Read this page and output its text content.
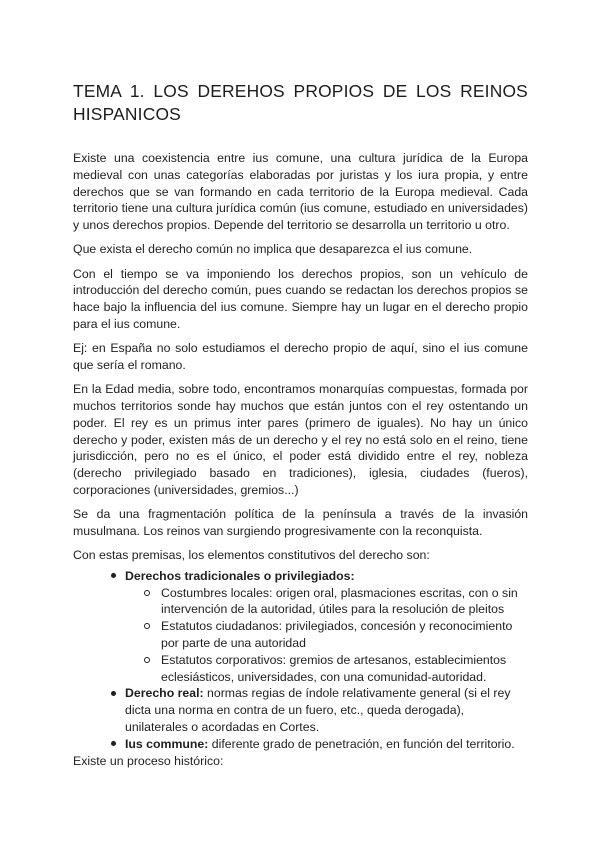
TEMA 1. LOS DEREHOS PROPIOS DE LOS REINOS HISPANICOS

Existe una coexistencia entre ius comune, una cultura jurídica de la Europa medieval con unas categorías elaboradas por juristas y los iura propia, y entre derechos que se van formando en cada territorio de la Europa medieval. Cada territorio tiene una cultura jurídica común (ius comune, estudiado en universidades) y unos derechos propios. Depende del territorio se desarrolla un territorio u otro.

Que exista el derecho común no implica que desaparezca el ius comune.

Con el tiempo se va imponiendo los derechos propios, son un vehículo de introducción del derecho común, pues cuando se redactan los derechos propios se hace bajo la influencia del ius comune. Siempre hay un lugar en el derecho propio para el ius comune.

Ej: en España no solo estudiamos el derecho propio de aquí, sino el ius comune que sería el romano.

En la Edad media, sobre todo, encontramos monarquías compuestas, formada por muchos territorios sonde hay muchos que están juntos con el rey ostentando un poder. El rey es un primus inter pares (primero de iguales). No hay un único derecho y poder, existen más de un derecho y el rey no está solo en el reino, tiene jurisdicción, pero no es el único, el poder está dividido entre el rey, nobleza (derecho privilegiado basado en tradiciones), iglesia, ciudades (fueros), corporaciones (universidades, gremios...)

Se da una fragmentación política de la península a través de la invasión musulmana. Los reinos van surgiendo progresivamente con la reconquista.

Con estas premisas, los elementos constitutivos del derecho son:

Derechos tradicionales o privilegiados:
Costumbres locales: origen oral, plasmaciones escritas, con o sin intervención de la autoridad, útiles para la resolución de pleitos
Estatutos ciudadanos: privilegiados, concesión y reconocimiento por parte de una autoridad
Estatutos corporativos: gremios de artesanos, establecimientos eclesiásticos, universidades, con una comunidad-autoridad.
Derecho real: normas regias de índole relativamente general (si el rey dicta una norma en contra de un fuero, etc., queda derogada), unilaterales o acordadas en Cortes.
Ius commune: diferente grado de penetración, en función del territorio.

Existe un proceso histórico:
